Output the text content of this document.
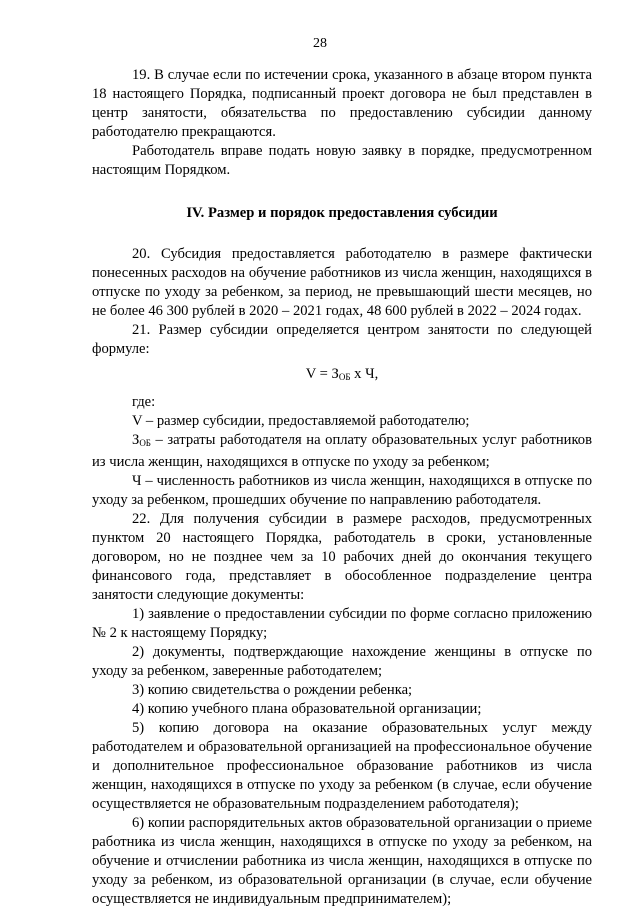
28

19. В случае если по истечении срока, указанного в абзаце втором пункта 18 настоящего Порядка, подписанный проект договора не был представлен в центр занятости, обязательства по предоставлению субсидии данному работодателю прекращаются.

Работодатель вправе подать новую заявку в порядке, предусмотренном настоящим Порядком.

IV. Размер и порядок предоставления субсидии

20. Субсидия предоставляется работодателю в размере фактически понесенных расходов на обучение работников из числа женщин, находящихся в отпуске по уходу за ребенком, за период, не превышающий шести месяцев, но не более 46 300 рублей в 2020 – 2021 годах, 48 600 рублей в 2022 – 2024 годах.

21. Размер субсидии определяется центром занятости по следующей формуле:

$V = З_{ОБ}$ х Ч,

где:

V – размер субсидии, предоставляемой работодателю;

$З_{ОБ}$ – затраты работодателя на оплату образовательных услуг работников из числа женщин, находящихся в отпуске по уходу за ребенком;

Ч – численность работников из числа женщин, находящихся в отпуске по уходу за ребенком, прошедших обучение по направлению работодателя.

22. Для получения субсидии в размере расходов, предусмотренных пунктом 20 настоящего Порядка, работодатель в сроки, установленные договором, но не позднее чем за 10 рабочих дней до окончания текущего финансового года, представляет в обособленное подразделение центра занятости следующие документы:

1) заявление о предоставлении субсидии по форме согласно приложению № 2 к настоящему Порядку;

2) документы, подтверждающие нахождение женщины в отпуске по уходу за ребенком, заверенные работодателем;

3) копию свидетельства о рождении ребенка;

4) копию учебного плана образовательной организации;

5) копию договора на оказание образовательных услуг между работодателем и образовательной организацией на профессиональное обучение и дополнительное профессиональное образование работников из числа женщин, находящихся в отпуске по уходу за ребенком (в случае, если обучение осуществляется не образовательным подразделением работодателя);

6) копии распорядительных актов образовательной организации о приеме работника из числа женщин, находящихся в отпуске по уходу за ребенком, на обучение и отчислении работника из числа женщин, находящихся в отпуске по уходу за ребенком, из образовательной организации (в случае, если обучение осуществляется не индивидуальным предпринимателем);
